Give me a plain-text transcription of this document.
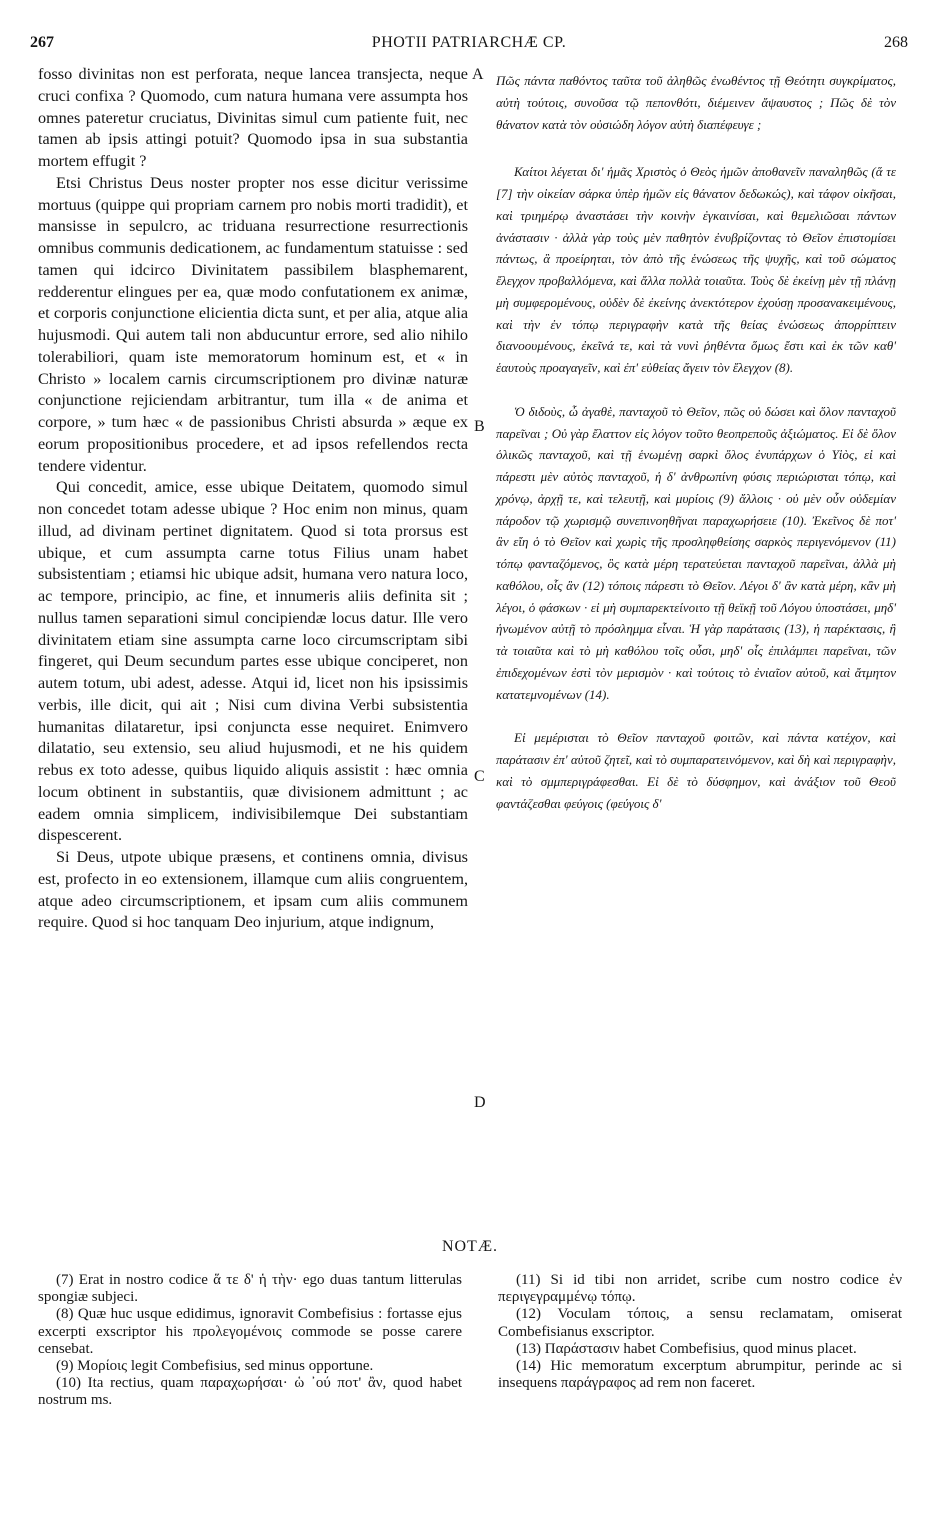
267	PHOTII PATRIARCHÆ CP.	268

fosso divinitas non est perforata, neque lancea transjecta, neque cruci confixa ? Quomodo, cum natura humana vere assumpta hos omnes pateretur cruciatus, Divinitas simul cum patiente fuit, nec tamen ab ipsis attingi potuit? Quomodo ipsa in sua substantia mortem effugit ?

Etsi Christus Deus noster propter nos esse dicitur verissime mortuus (quippe qui propriam carnem pro nobis morti tradidit), et mansisse in sepulcro, ac triduana resurrectione resurrectionis omnibus communis dedicationem, ac fundamentum statuisse : sed tamen qui idcirco Divinitatem passibilem blasphemarent, redderentur elingues per ea, quæ modo confutationem ex animæ, et corporis conjunctione elicientia dicta sunt, et per alia, atque alia hujusmodi. Qui autem tali non abducuntur errore, sed alio nihilo tolerabiliori, quam iste memoratorum hominum est, et « in Christo » localem carnis circumscriptionem pro divinæ naturæ conjunctione rejiciendam arbitrantur, tum illa « de anima et corpore, » tum hæc « de passionibus Christi absurda » æque ex eorum propositionibus procedere, et ad ipsos refellendos recta tendere videntur.

Qui concedit, amice, esse ubique Deitatem, quomodo simul non concedet totam adesse ubique ? Hoc enim non minus, quam illud, ad divinam pertinet dignitatem. Quod si tota prorsus est ubique, et cum assumpta carne totus Filius unam habet subsistentiam ; etiamsi hic ubique adsit, humana vero natura loco, ac tempore, principio, ac fine, et innumeris aliis definita sit ; nullus tamen separationi simul concipiendæ locus datur. Ille vero divinitatem etiam sine assumpta carne loco circumscriptam sibi fingeret, qui Deum secundum partes esse ubique conciperet, non autem totum, ubi adest, adesse. Atqui id, licet non his ipsissimis verbis, ille dicit, qui ait ; Nisi cum divina Verbi subsistentia humanitas dilataretur, ipsi conjuncta esse nequiret. Enimvero dilatatio, seu extensio, seu aliud hujusmodi, et ne his quidem rebus ex toto adesse, quibus liquido aliquis assistit : hæc omnia locum obtinent in substantiis, quæ divisionem admittunt ; ac eadem omnia simplicem, indivisibilemque Dei substantiam dispescerent.

Si Deus, utpote ubique præsens, et continens omnia, divisus est, profecto in eo extensionem, illamque cum aliis congruentem, atque adeo circumscriptionem, et ipsam cum aliis communem require. Quod si hoc tanquam Deo injurium, atque indignum,

A
B
C
D

Πῶς πάντα παθόντος ταῦτα τοῦ ἀληθῶς ἐνωθέντος τῇ Θεότητι συγκρίματος, αὐτὴ τούτοις, συνοῦσα τῷ πεπονθότι, διέμεινεν ἄψαυστος ; Πῶς δὲ τὸν θάνατον κατὰ τὸν οὐσιώδη λόγον αὐτὴ διαπέφευγε ;

Καίτοι λέγεται δι' ἡμᾶς Χριστὸς ὁ Θεὸς ἡμῶν ἀποθανεῖν παναληθῶς (ἅ τε [7] τὴν οἰκείαν σάρκα ὑπὲρ ἡμῶν εἰς θάνατον δεδωκώς), καὶ τάφον οἰκῆσαι, καὶ τριημέρῳ ἀναστάσει τὴν κοινὴν ἐγκαινίσαι, καὶ θεμελιῶσαι πάντων ἀνάστασιν · ἀλλὰ γὰρ τοὺς μὲν παθητὸν ἐνυβρίζοντας τὸ Θεῖον ἐπιστομίσει πάντως, ἃ προείρηται, τὸν ἀπὸ τῆς ἑνώσεως τῆς ψυχῆς, καὶ τοῦ σώματος ἔλεγχον προβαλλόμενα, καὶ ἄλλα πολλὰ τοιαῦτα. Τοὺς δὲ ἐκείνῃ μὲν τῇ πλάνῃ μὴ συμφερομένους, οὐδὲν δὲ ἐκείνης ἀνεκτότερον ἐχούσῃ προσανακειμένους, καὶ τὴν ἐν τόπῳ περιγραφὴν κατὰ τῆς θείας ἑνώσεως ἀπορρίπτειν διανοουμένους, ἐκεῖνά τε, καὶ τὰ νυνὶ ῥηθέντα ὅμως ἔστι καὶ ἐκ τῶν καθ' ἑαυτοὺς προαγαγεῖν, καὶ ἐπ' εὐθείας ἄγειν τὸν ἔλεγχον (8).

Ὁ διδοὺς, ὦ ἀγαθὲ, πανταχοῦ τὸ Θεῖον, πῶς οὐ δώσει καὶ ὅλον πανταχοῦ παρεῖναι ; Οὐ γὰρ ἔλαττον εἰς λόγον τοῦτο θεοπρεποῦς ἀξιώματος. Εἰ δὲ ὅλον ὁλικῶς πανταχοῦ, καὶ τῇ ἑνωμένῃ σαρκὶ ὅλος ἐνυπάρχων ὁ Υἱὸς, εἰ καὶ πάρεστι μὲν αὐτὸς πανταχοῦ, ἡ δ' ἀνθρωπίνη φύσις περιώρισται τόπῳ, καὶ χρόνῳ, ἀρχῇ τε, καὶ τελευτῇ, καὶ μυρίοις (9) ἄλλοις · οὐ μὲν οὖν οὐδεμίαν πάροδον τῷ χωρισμῷ συνεπινοηθῆναι παραχωρήσειε (10). Ἐκεῖνος δὲ ποτ' ἂν εἴη ὁ τὸ Θεῖον καὶ χωρὶς τῆς προσληφθείσης σαρκὸς περιγενόμενον (11) τόπῳ φανταζόμενος, ὃς κατὰ μέρη τερατεύεται πανταχοῦ παρεῖναι, ἀλλὰ μὴ καθόλου, οἷς ἂν (12) τόποις πάρεστι τὸ Θεῖον. Λέγοι δ' ἂν κατὰ μέρη, κἂν μὴ λέγοι, ὁ φάσκων · εἰ μὴ συμπαρεκτείνοιτο τῇ θεϊκῇ τοῦ Λόγου ὑποστάσει, μηδ' ἡνωμένον αὐτῇ τὸ πρόσλημμα εἶναι. Ἡ γὰρ παράτασις (13), ἡ παρέκτασις, ἢ τὰ τοιαῦτα καὶ τὸ μὴ καθόλου τοῖς οὖσι, μηδ' οἷς ἐπιλάμπει παρεῖναι, τῶν ἐπιδεχομένων ἐστὶ τὸν μερισμὸν · καὶ τούτοις τὸ ἐνιαῖον αὐτοῦ, καὶ ἄτμητον κατατεμνομένων (14).

Εἰ μεμέρισται τὸ Θεῖον πανταχοῦ φοιτῶν, καὶ πάντα κατέχον, καὶ παράτασιν ἐπ' αὐτοῦ ζητεῖ, καὶ τὸ συμπαρατεινόμενον, καὶ δὴ καὶ περιγραφὴν, καὶ τὸ σμμπεριγράφεσθαι. Εἰ δὲ τὸ δύσφημον, καὶ ἀνάξιον τοῦ Θεοῦ φαντάζεσθαι φεύγοις (φεύγοις δ'

NOTÆ.

(7) Erat in nostro codice ἅ τε δ' ἡ τὴν· ego duas tantum litterulas spongiæ subjeci.

(8) Quæ huc usque edidimus, ignoravit Combefisius : fortasse ejus excerpti exscriptor his προλεγομένοις commode se posse carere censebat.

(9) Μορίοις legit Combefisius, sed minus opportune.

(10) Ita rectius, quam παραχωρήσαι· ὡ ᾿ού ποτ' ἂν, quod habet nostrum ms.

(11) Si id tibi non arridet, scribe cum nostro codice ἐν περιγεγραμμένῳ τόπῳ.

(12) Voculam τόποις, a sensu reclamatam, omiserat Combefisianus exscriptor.

(13) Παράστασιν habet Combefisius, quod minus placet.

(14) Hic memoratum excerptum abrumpitur, perinde ac si insequens παράγραφος ad rem non faceret.
